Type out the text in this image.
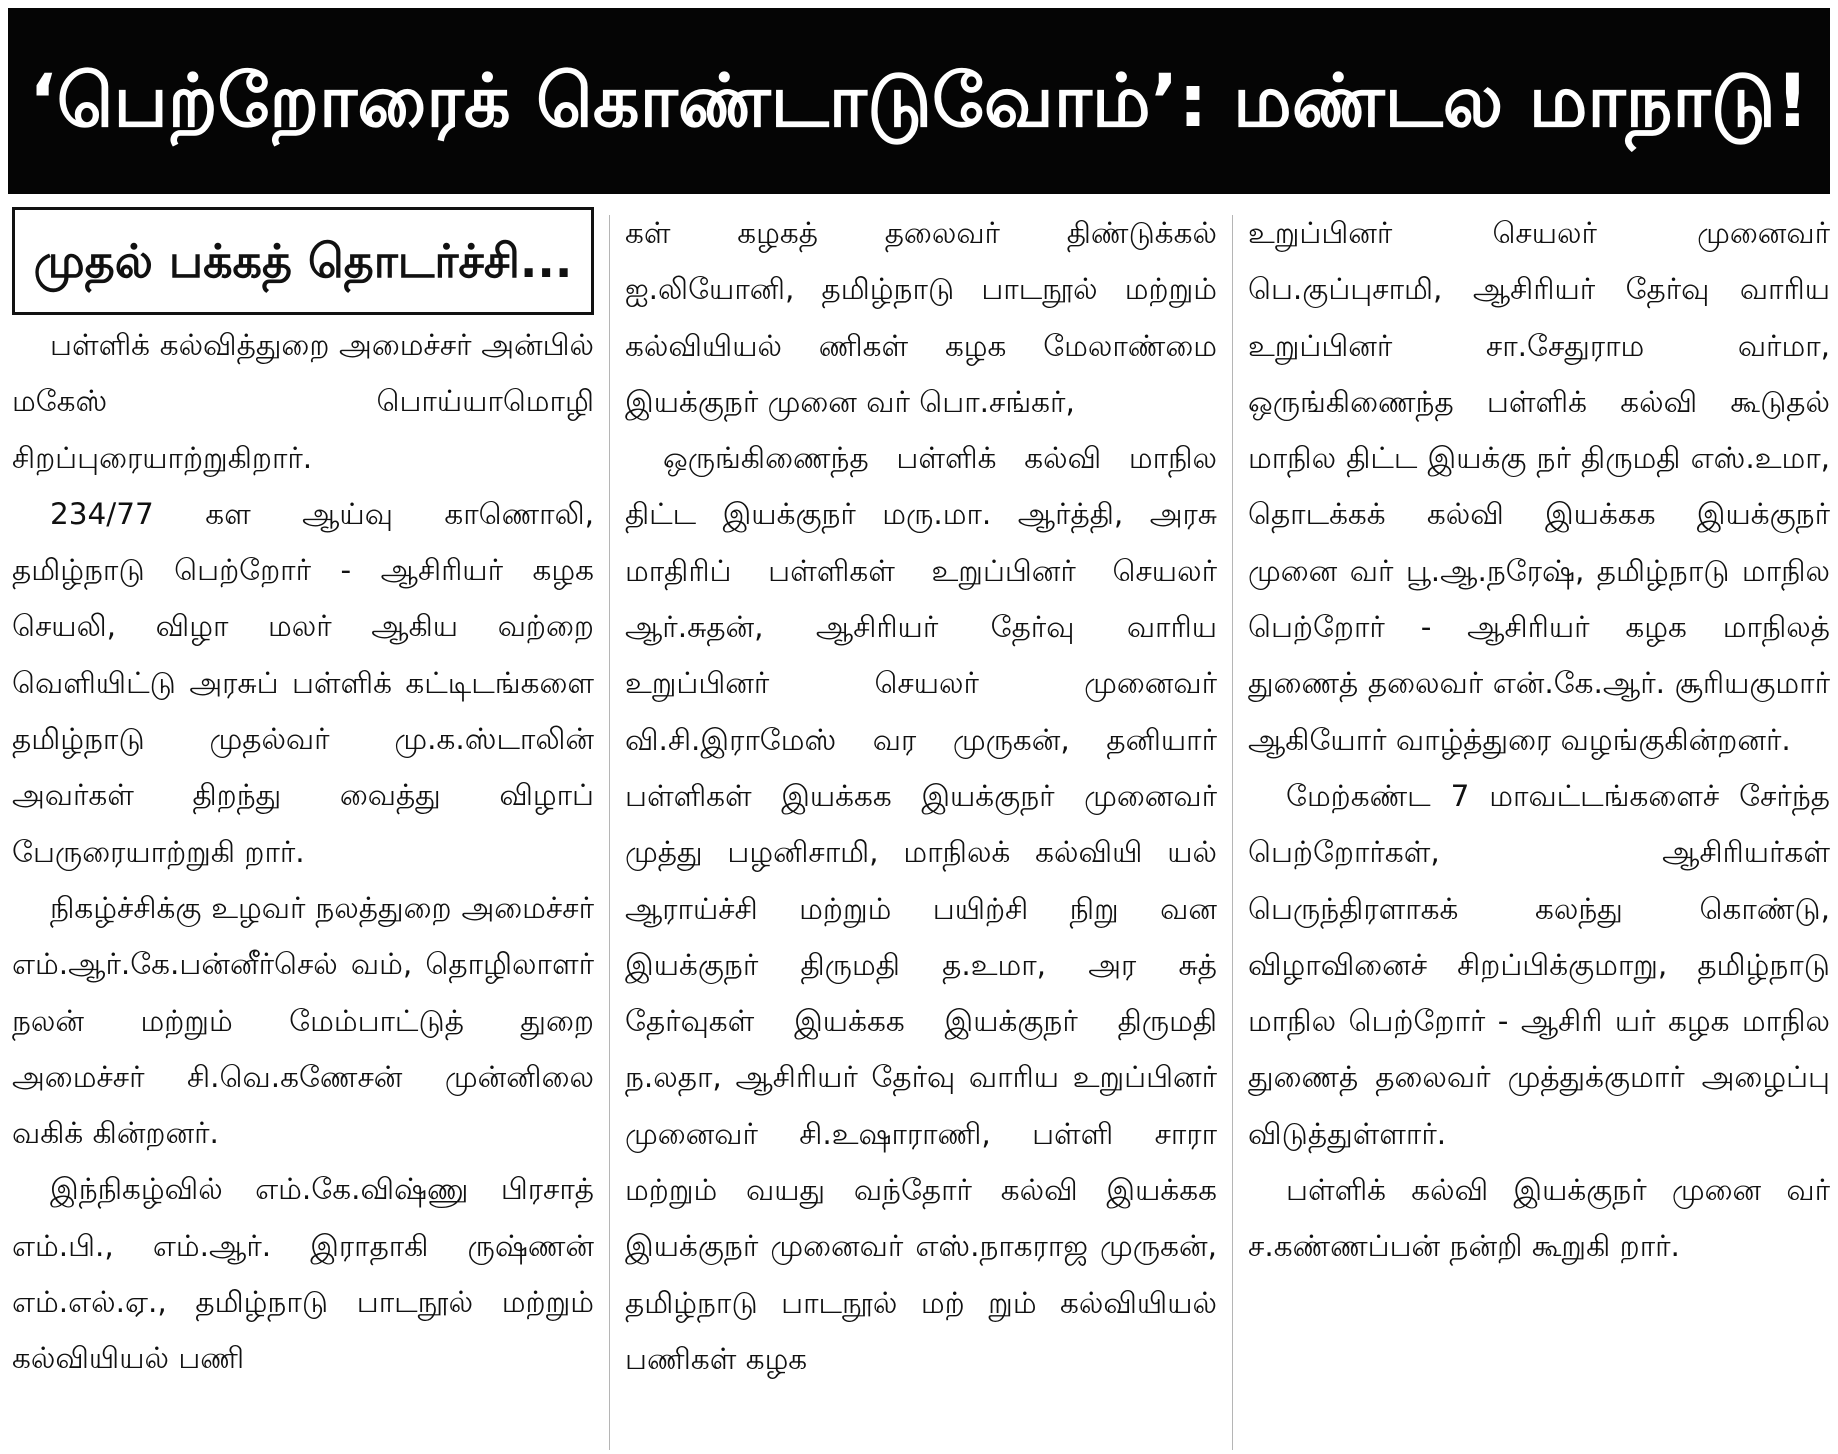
‘பெற்றோரைக் கொண்டாடுவோம்’: மண்டல மாநாடு!
முதல் பக்கத் தொடர்ச்சி...

பள்ளிக் கல்வித்துறை அமைச்சர் அன்பில் மகேஸ் பொய்யாமொழி சிறப்புரையாற்றுகிறார்.

234/77 கள ஆய்வு காணொலி, தமிழ்நாடு பெற்றோர் - ஆசிரியர் கழக செயலி, விழா மலர் ஆகிய வற்றை வெளியிட்டு அரசுப் பள்ளிக் கட்டிடங்களை தமிழ்நாடு முதல்வர் மு.க.ஸ்டாலின் அவர்கள் திறந்து வைத்து விழாப் பேருரையாற்றுகி றார்.

நிகழ்ச்சிக்கு உழவர் நலத்துறை அமைச்சர் எம்.ஆர்.கே.பன்னீர்செல் வம், தொழிலாளர் நலன் மற்றும் மேம்பாட்டுத் துறை அமைச்சர் சி.வெ.கணேசன் முன்னிலை வகிக் கின்றனர்.

இந்நிகழ்வில் எம்.கே.விஷ்ணு பிரசாத் எம்.பி., எம்.ஆர். இராதாகி ருஷ்ணன் எம்.எல்.ஏ., தமிழ்நாடு பாடநூல் மற்றும் கல்வியியல் பணி

கள் கழகத் தலைவர் திண்டுக்கல் ஐ.லியோனி, தமிழ்நாடு பாடநூல் மற்றும் கல்வியியல் ணிகள் கழக மேலாண்மை இயக்குநர் முனை வர் பொ.சங்கர்,

ஒருங்கிணைந்த பள்ளிக் கல்வி மாநில திட்ட இயக்குநர் மரு.மா. ஆர்த்தி, அரசு மாதிரிப் பள்ளிகள் உறுப்பினர் செயலர் ஆர்.சுதன், ஆசிரியர் தேர்வு வாரிய உறுப்பினர் செயலர் முனைவர் வி.சி.இராமேஸ் வர முருகன், தனியார் பள்ளிகள் இயக்கக இயக்குநர் முனைவர் முத்து பழனிசாமி, மாநிலக் கல்வியி யல் ஆராய்ச்சி மற்றும் பயிற்சி நிறு வன இயக்குநர் திருமதி த.உமா, அர சுத் தேர்வுகள் இயக்கக இயக்குநர் திருமதி ந.லதா, ஆசிரியர் தேர்வு வாரிய உறுப்பினர் முனைவர் சி.உஷாராணி, பள்ளி சாரா மற்றும் வயது வந்தோர் கல்வி இயக்கக இயக்குநர் முனைவர் எஸ்.நாகராஜ முருகன், தமிழ்நாடு பாடநூல் மற் றும் கல்வியியல் பணிகள் கழக

உறுப்பினர் செயலர் முனைவர் பெ.குப்புசாமி, ஆசிரியர் தேர்வு வாரிய உறுப்பினர் சா.சேதுராம வர்மா, ஒருங்கிணைந்த பள்ளிக் கல்வி கூடுதல் மாநில திட்ட இயக்கு நர் திருமதி எஸ்.உமா, தொடக்கக் கல்வி இயக்கக இயக்குநர் முனை வர் பூ.ஆ.நரேஷ், தமிழ்நாடு மாநில பெற்றோர் - ஆசிரியர் கழக மாநிலத் துணைத் தலைவர் என்.கே.ஆர். சூரியகுமார் ஆகியோர் வாழ்த்துரை வழங்குகின்றனர்.

மேற்கண்ட 7 மாவட்டங்களைச் சேர்ந்த பெற்றோர்கள், ஆசிரியர்கள் பெருந்திரளாகக் கலந்து கொண்டு, விழாவினைச் சிறப்பிக்குமாறு, தமிழ்நாடு மாநில பெற்றோர் - ஆசிரி யர் கழக மாநில துணைத் தலைவர் முத்துக்குமார் அழைப்பு விடுத்துள்ளார்.

பள்ளிக் கல்வி இயக்குநர் முனை வர் ச.கண்ணப்பன் நன்றி கூறுகி றார்.
